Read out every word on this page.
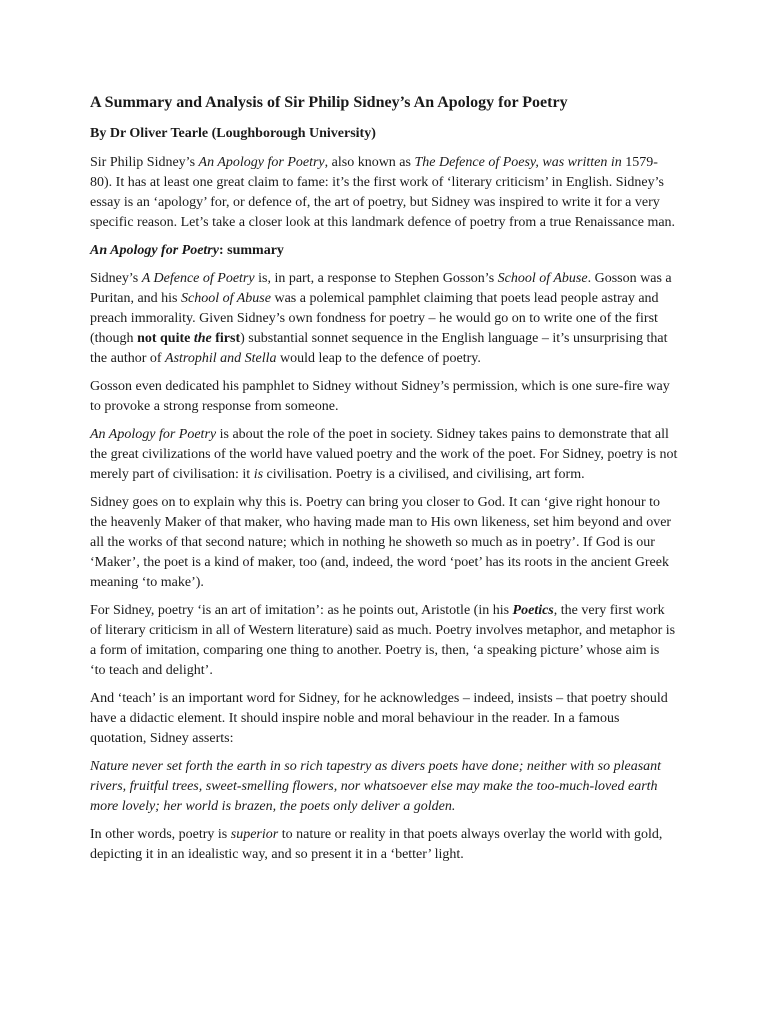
A Summary and Analysis of Sir Philip Sidney’s An Apology for Poetry
By Dr Oliver Tearle (Loughborough University)

Sir Philip Sidney’s An Apology for Poetry, also known as The Defence of Poesy, was written in 1579-80). It has at least one great claim to fame: it’s the first work of ‘literary criticism’ in English. Sidney’s essay is an ‘apology’ for, or defence of, the art of poetry, but Sidney was inspired to write it for a very specific reason. Let’s take a closer look at this landmark defence of poetry from a true Renaissance man.

An Apology for Poetry: summary

Sidney’s A Defence of Poetry is, in part, a response to Stephen Gosson’s School of Abuse. Gosson was a Puritan, and his School of Abuse was a polemical pamphlet claiming that poets lead people astray and preach immorality. Given Sidney’s own fondness for poetry – he would go on to write one of the first (though not quite the first) substantial sonnet sequence in the English language – it’s unsurprising that the author of Astrophil and Stella would leap to the defence of poetry.

Gosson even dedicated his pamphlet to Sidney without Sidney’s permission, which is one sure-fire way to provoke a strong response from someone.

An Apology for Poetry is about the role of the poet in society. Sidney takes pains to demonstrate that all the great civilizations of the world have valued poetry and the work of the poet. For Sidney, poetry is not merely part of civilisation: it is civilisation. Poetry is a civilised, and civilising, art form.

Sidney goes on to explain why this is. Poetry can bring you closer to God. It can ‘give right honour to the heavenly Maker of that maker, who having made man to His own likeness, set him beyond and over all the works of that second nature; which in nothing he showeth so much as in poetry’. If God is our ‘Maker’, the poet is a kind of maker, too (and, indeed, the word ‘poet’ has its roots in the ancient Greek meaning ‘to make’).

For Sidney, poetry ‘is an art of imitation’: as he points out, Aristotle (in his Poetics, the very first work of literary criticism in all of Western literature) said as much. Poetry involves metaphor, and metaphor is a form of imitation, comparing one thing to another. Poetry is, then, ‘a speaking picture’ whose aim is ‘to teach and delight’.

And ‘teach’ is an important word for Sidney, for he acknowledges – indeed, insists – that poetry should have a didactic element. It should inspire noble and moral behaviour in the reader. In a famous quotation, Sidney asserts:

Nature never set forth the earth in so rich tapestry as divers poets have done; neither with so pleasant rivers, fruitful trees, sweet-smelling flowers, nor whatsoever else may make the too-much-loved earth more lovely; her world is brazen, the poets only deliver a golden.

In other words, poetry is superior to nature or reality in that poets always overlay the world with gold, depicting it in an idealistic way, and so present it in a ‘better’ light.
